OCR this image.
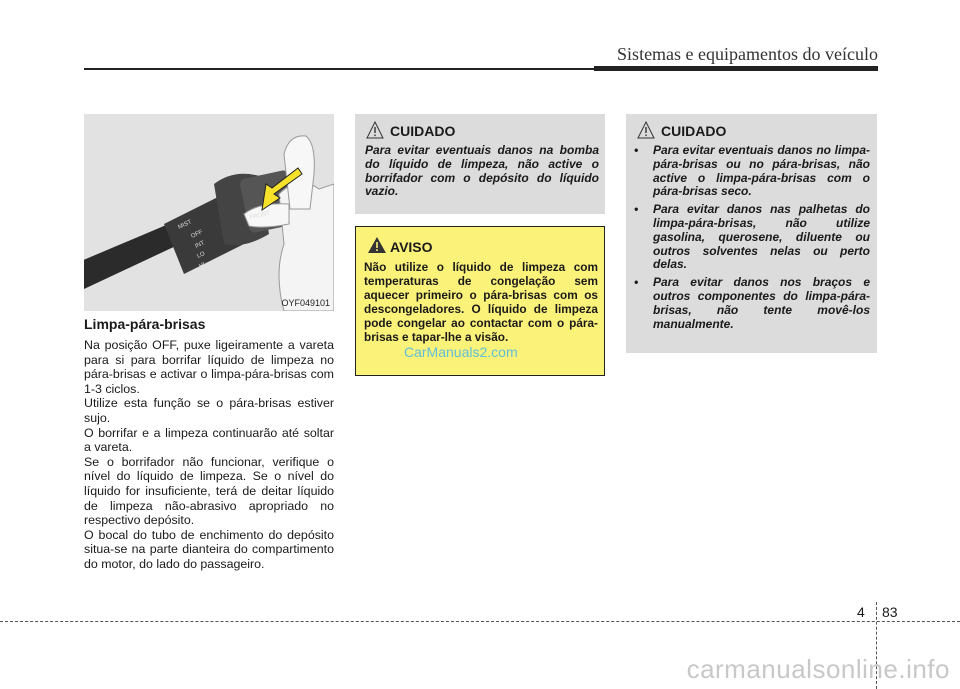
Sistemas e equipamentos do veículo
MIST
OFF
INT
LO
HI
FRONT
OYF049101
Limpa-pára-brisas

Na posição OFF, puxe ligeiramente a vareta para si para borrifar líquido de limpeza no pára-brisas e activar o limpa-pára-brisas com 1-3 ciclos.

Utilize esta função se o pára-brisas estiver sujo.

O borrifar e a limpeza continuarão até soltar a vareta.

Se o borrifador não funcionar, verifique o nível do líquido de limpeza. Se o nível do líquido for insuficiente, terá de deitar líquido de limpeza não-abrasivo apropriado no respectivo depósito.

O bocal do tubo de enchimento do depósito situa-se na parte dianteira do compartimento do motor, do lado do passageiro.

CUIDADO
Para evitar eventuais danos na bomba do líquido de limpeza, não active o borrifador com o depósito do líquido vazio.
AVISO
Não utilize o líquido de limpeza com temperaturas de congelação sem aquecer primeiro o pára-brisas com os descongeladores. O líquido de limpeza pode congelar ao contactar com o pára-brisas e tapar-lhe a visão.
CarManuals2.com
CUIDADO
• Para evitar eventuais danos no limpa-pára-brisas ou no pára-brisas, não active o limpa-pára-brisas com o pára-brisas seco.
• Para evitar danos nas palhetas do limpa-pára-brisas, não utilize gasolina, querosene, diluente ou outros solventes nelas ou perto delas.
• Para evitar danos nos braços e outros componentes do limpa-pára-brisas, não tente movê-los manualmente.
4 83
carmanualsonline.info
